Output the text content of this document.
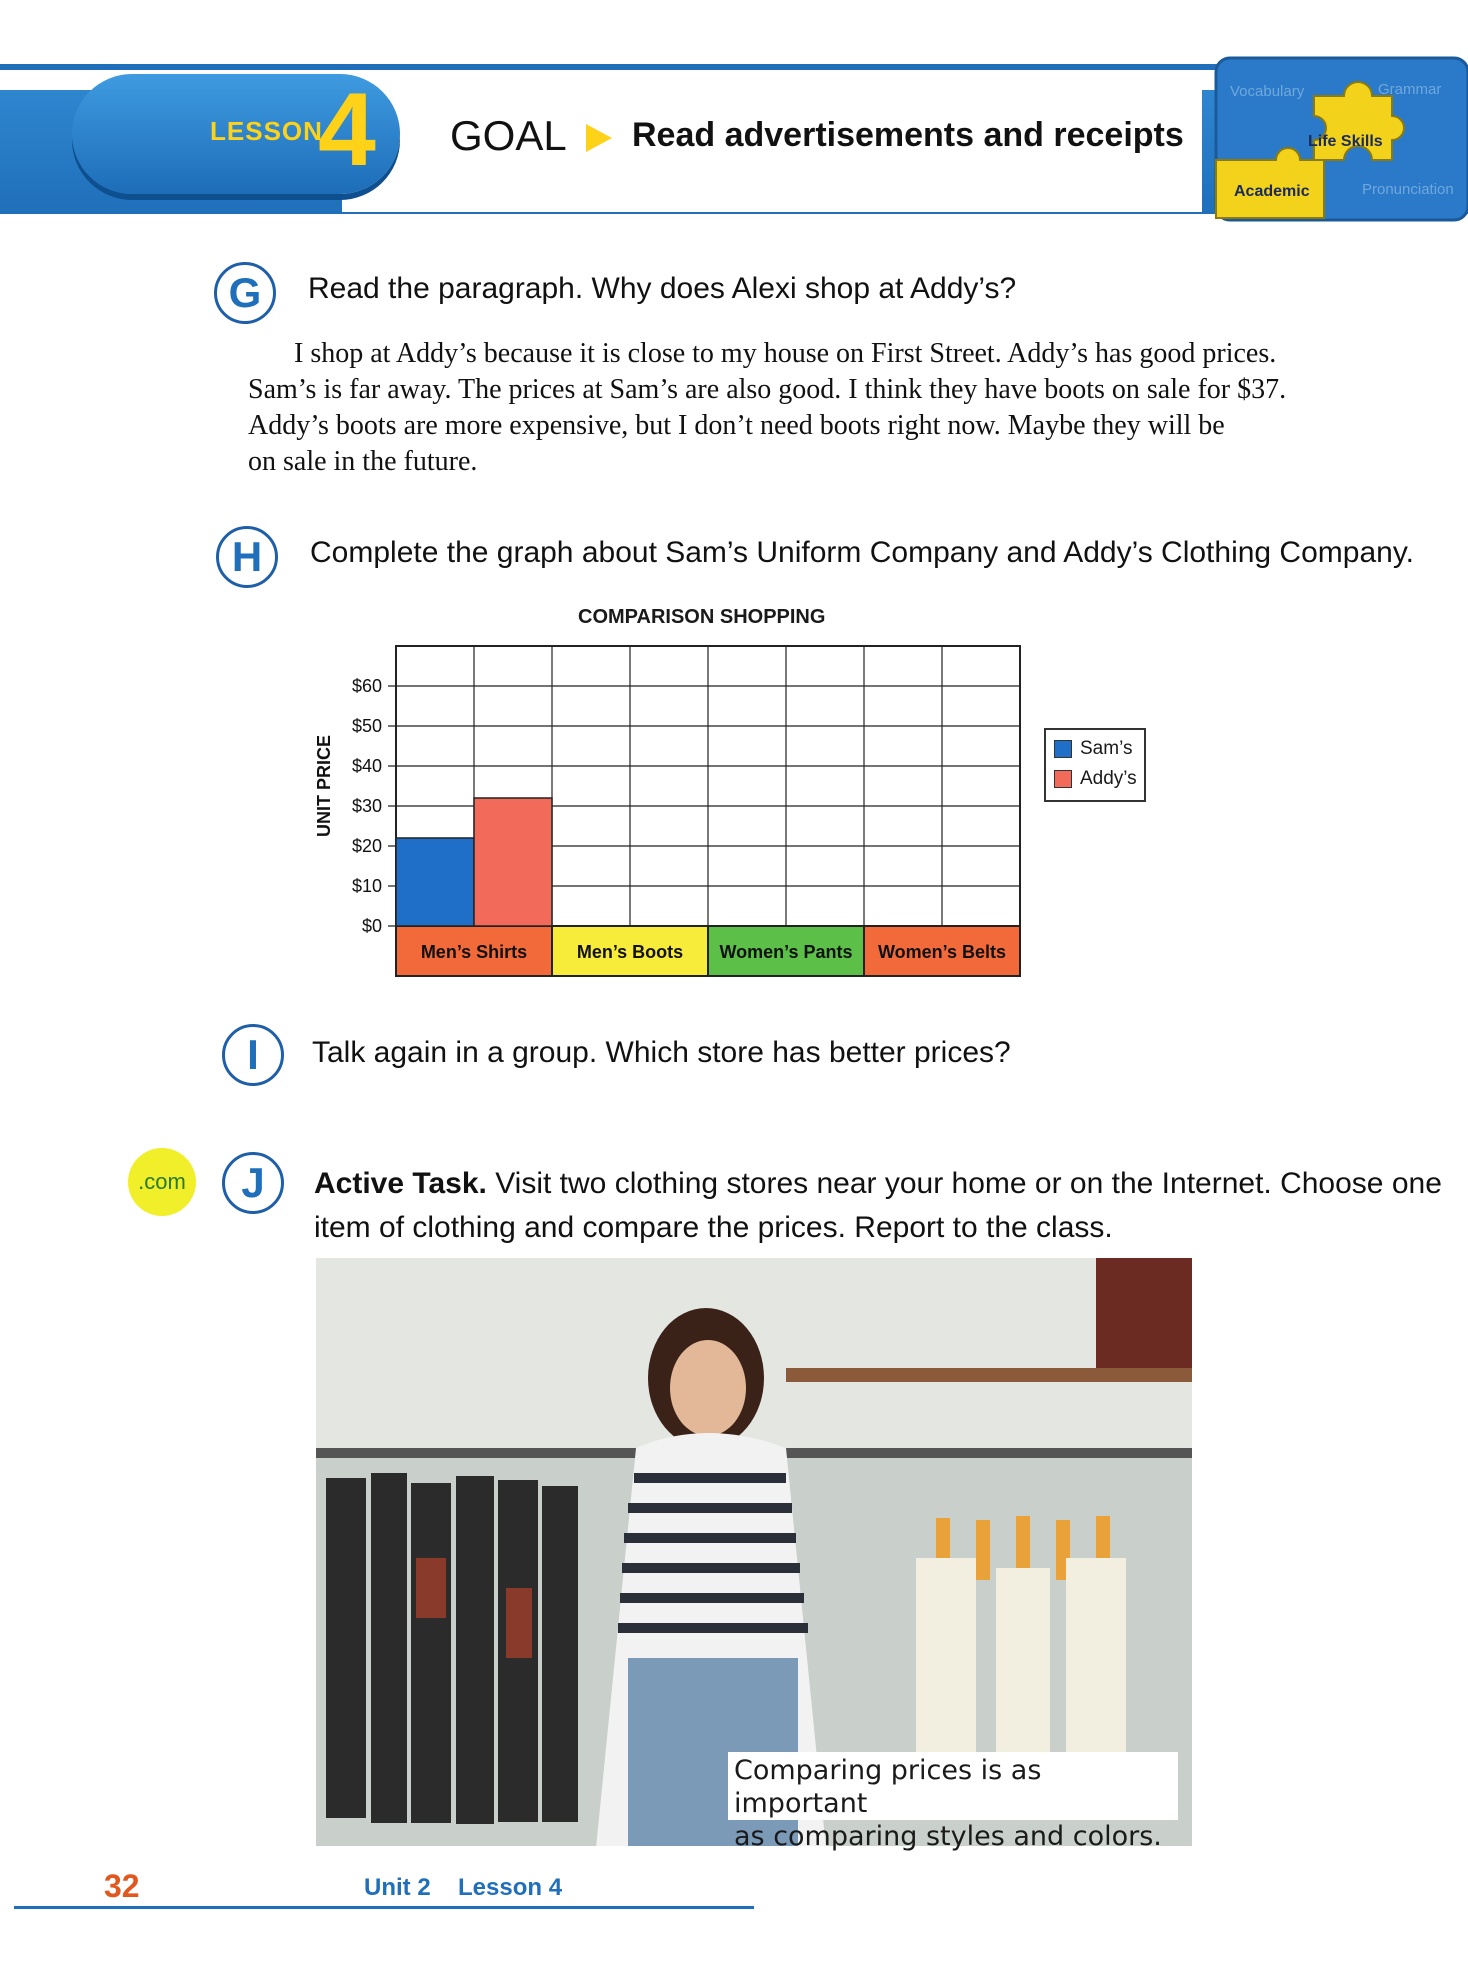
LESSON
4 GOAL Read advertisements and receipts
Vocabulary	Grammar
Life Skills
Academic	Pronunciation
G	Read the paragraph. Why does Alexi shop at Addy’s?
I shop at Addy’s because it is close to my house on First Street. Addy’s has good prices.
Sam’s is far away. The prices at Sam’s are also good. I think they have boots on sale for $37.
Addy’s boots are more expensive, but I don’t need boots right now. Maybe they will be
on sale in the future.
H	Complete the graph about Sam’s Uniform Company and Addy’s Clothing Company.
COMPARISON SHOPPING
$0
$10
$20
$30
$40
$50
$60
UNIT PRICE
Men’s Shirts	Men’s Boots Women’s Pants Women’s Belts
Sam’s
Addy’s
I	Talk again in a group. Which store has better prices?
.com	J	Active Task. Visit two clothing stores near your home or on the Internet. Choose one
item of clothing and compare the prices. Report to the class.
Comparing prices is as important
as comparing styles and colors.
32	Unit 2 Lesson 4
